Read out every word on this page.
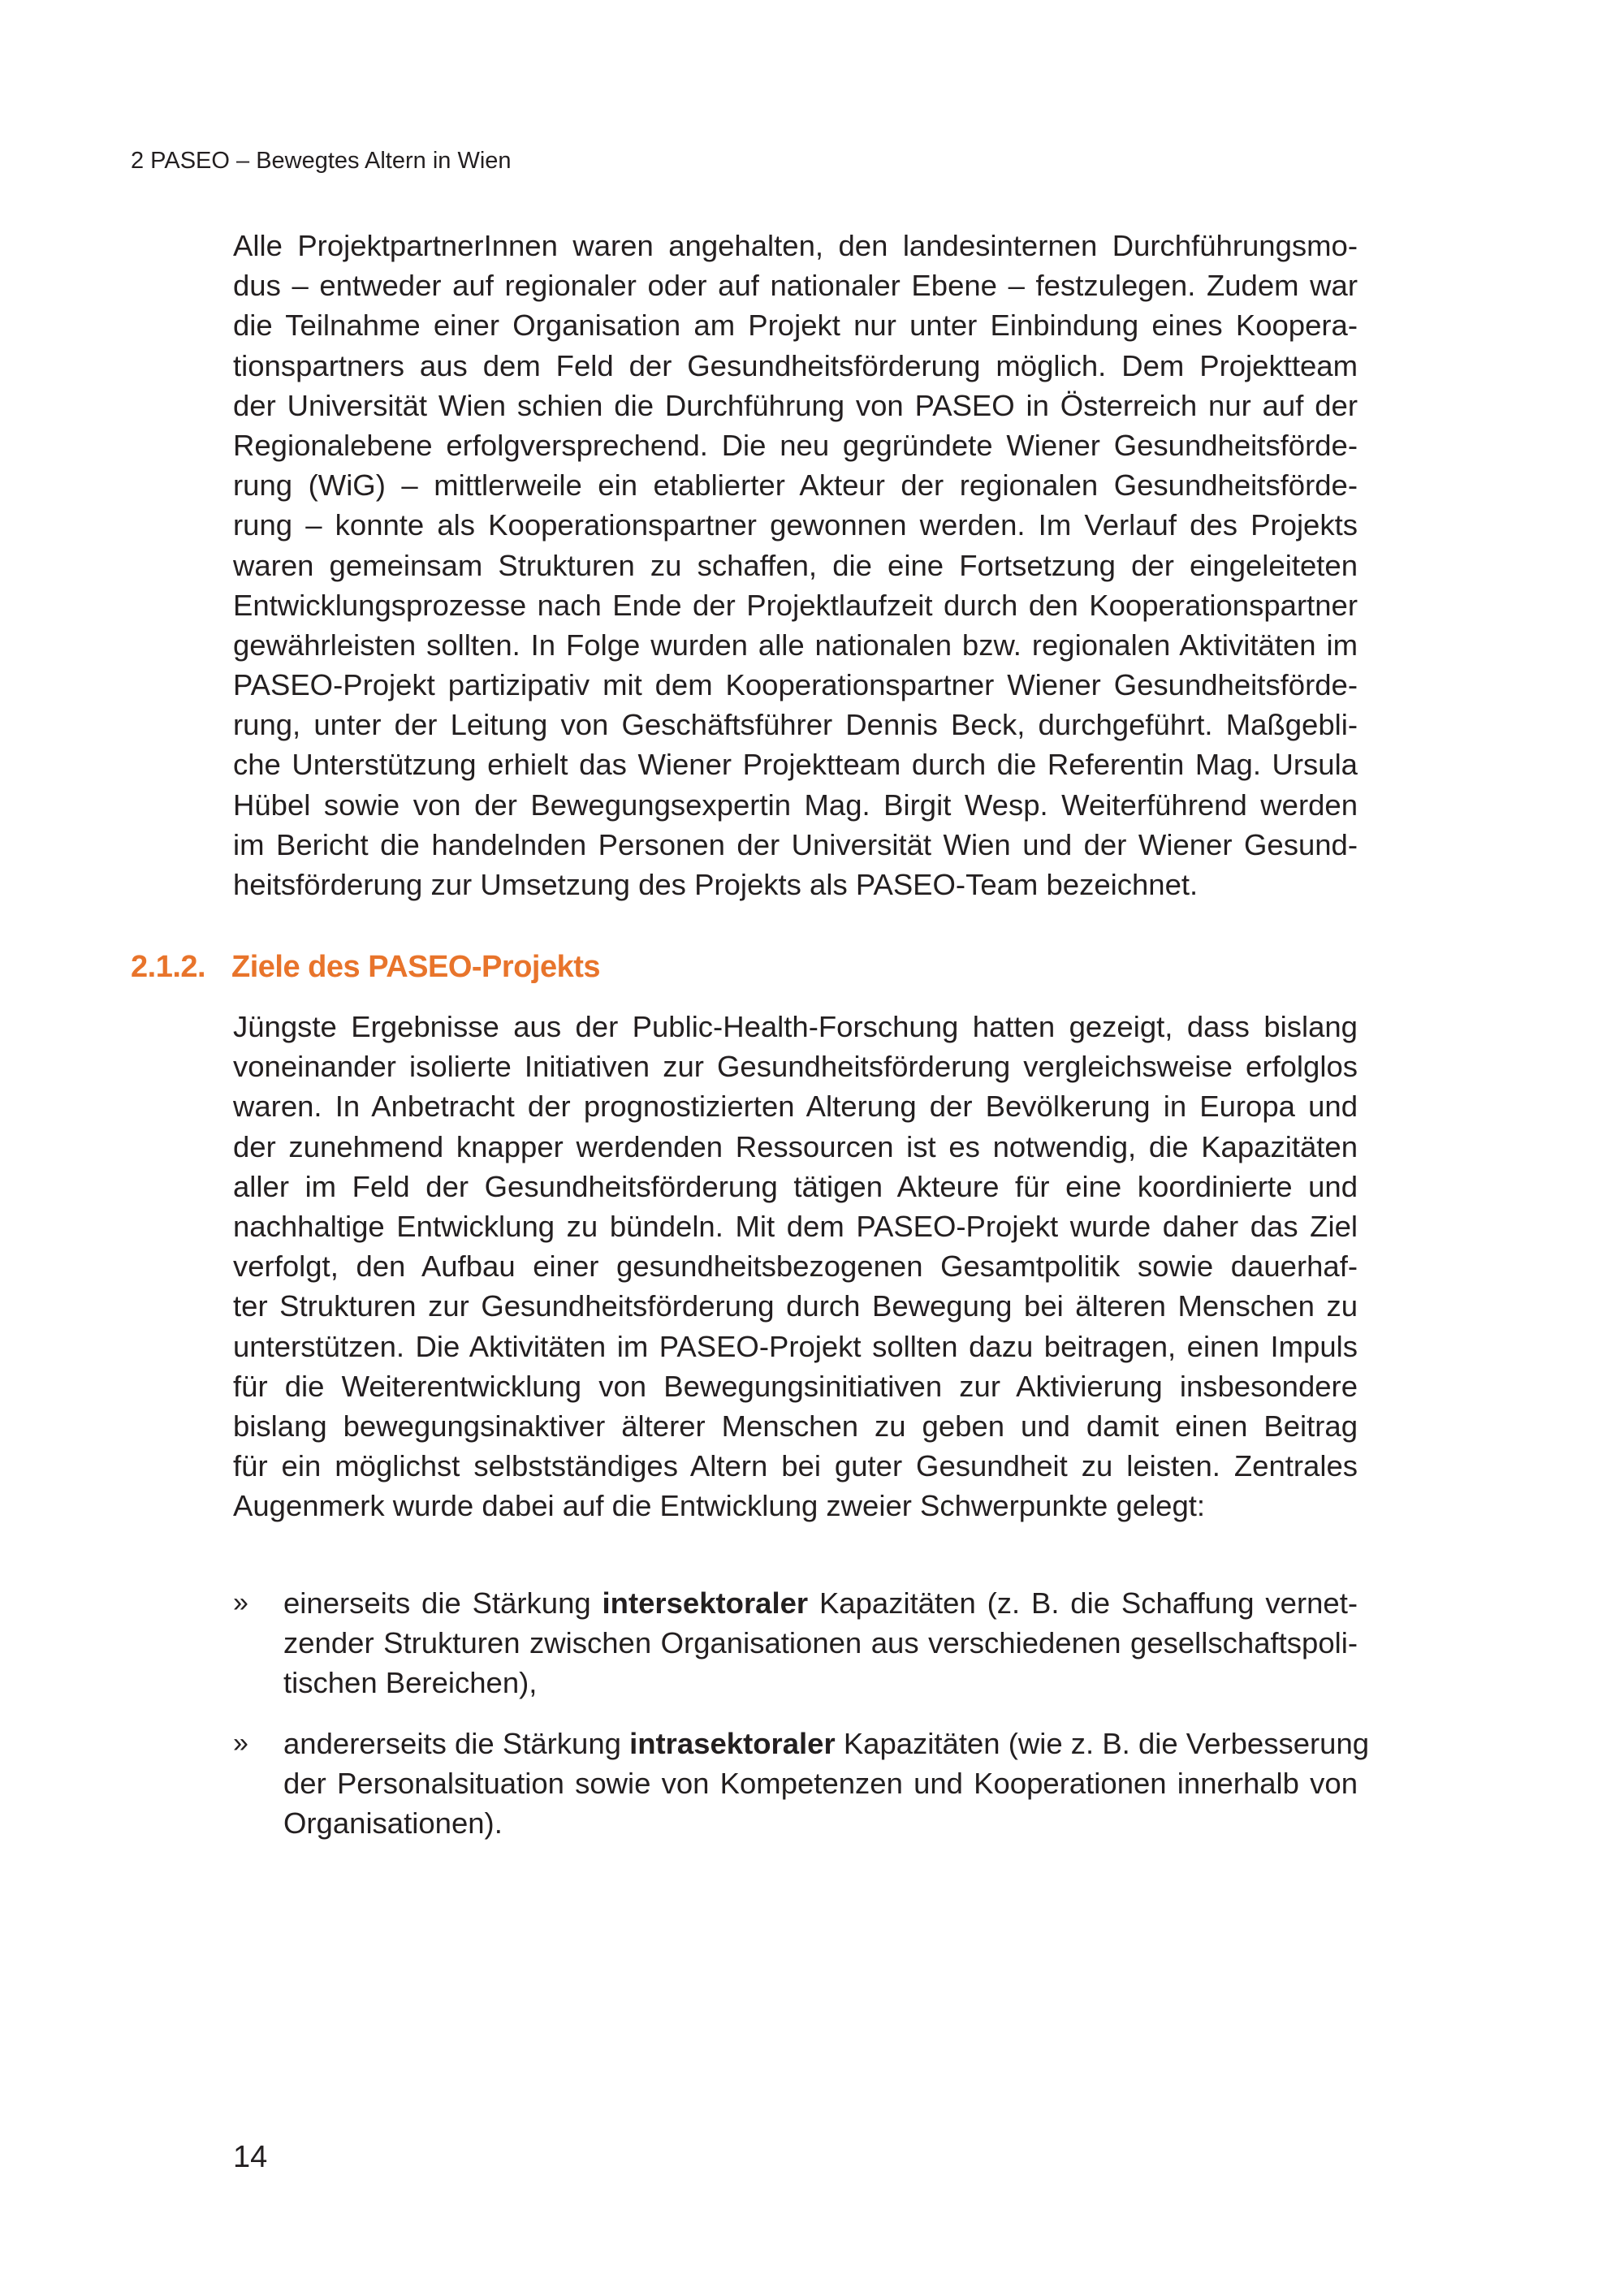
2 PASEO – Bewegtes Altern in Wien
Alle ProjektpartnerInnen waren angehalten, den landesinternen Durchführungsmo-
dus – entweder auf regionaler oder auf nationaler Ebene – festzulegen. Zudem war
die Teilnahme einer Organisation am Projekt nur unter Einbindung eines Koopera-
tionspartners aus dem Feld der Gesundheitsförderung möglich. Dem Projektteam
der Universität Wien schien die Durchführung von PASEO in Österreich nur auf der
Regionalebene erfolgversprechend. Die neu gegründete Wiener Gesundheitsförde-
rung (WiG) – mittlerweile ein etablierter Akteur der regionalen Gesundheitsförde-
rung – konnte als Kooperationspartner gewonnen werden. Im Verlauf des Projekts
waren gemeinsam Strukturen zu schaffen, die eine Fortsetzung der eingeleiteten
Entwicklungsprozesse nach Ende der Projektlaufzeit durch den Kooperationspartner
gewährleisten sollten. In Folge wurden alle nationalen bzw. regionalen Aktivitäten im
PASEO-Projekt partizipativ mit dem Kooperationspartner Wiener Gesundheitsförde-
rung, unter der Leitung von Geschäftsführer Dennis Beck, durchgeführt. Maßgebli-
che Unterstützung erhielt das Wiener Projektteam durch die Referentin Mag. Ursula
Hübel sowie von der Bewegungsexpertin Mag. Birgit Wesp. Weiterführend werden
im Bericht die handelnden Personen der Universität Wien und der Wiener Gesund-
heitsförderung zur Umsetzung des Projekts als PASEO-Team bezeichnet.
2.1.2. Ziele des PASEO-Projekts
Jüngste Ergebnisse aus der Public-Health-Forschung hatten gezeigt, dass bislang
voneinander isolierte Initiativen zur Gesundheitsförderung vergleichsweise erfolglos
waren. In Anbetracht der prognostizierten Alterung der Bevölkerung in Europa und
der zunehmend knapper werdenden Ressourcen ist es notwendig, die Kapazitäten
aller im Feld der Gesundheitsförderung tätigen Akteure für eine koordinierte und
nachhaltige Entwicklung zu bündeln. Mit dem PASEO-Projekt wurde daher das Ziel
verfolgt, den Aufbau einer gesundheitsbezogenen Gesamtpolitik sowie dauerhaf-
ter Strukturen zur Gesundheitsförderung durch Bewegung bei älteren Menschen zu
unterstützen. Die Aktivitäten im PASEO-Projekt sollten dazu beitragen, einen Impuls
für die Weiterentwicklung von Bewegungsinitiativen zur Aktivierung insbesondere
bislang bewegungsinaktiver älterer Menschen zu geben und damit einen Beitrag
für ein möglichst selbstständiges Altern bei guter Gesundheit zu leisten. Zentrales
Augenmerk wurde dabei auf die Entwicklung zweier Schwerpunkte gelegt:
» einerseits die Stärkung intersektoraler Kapazitäten (z. B. die Schaffung vernet-
zender Strukturen zwischen Organisationen aus verschiedenen gesellschaftspoli-
tischen Bereichen),
» andererseits die Stärkung intrasektoraler Kapazitäten (wie z. B. die Verbesserung
der Personalsituation sowie von Kompetenzen und Kooperationen innerhalb von
Organisationen).
14
